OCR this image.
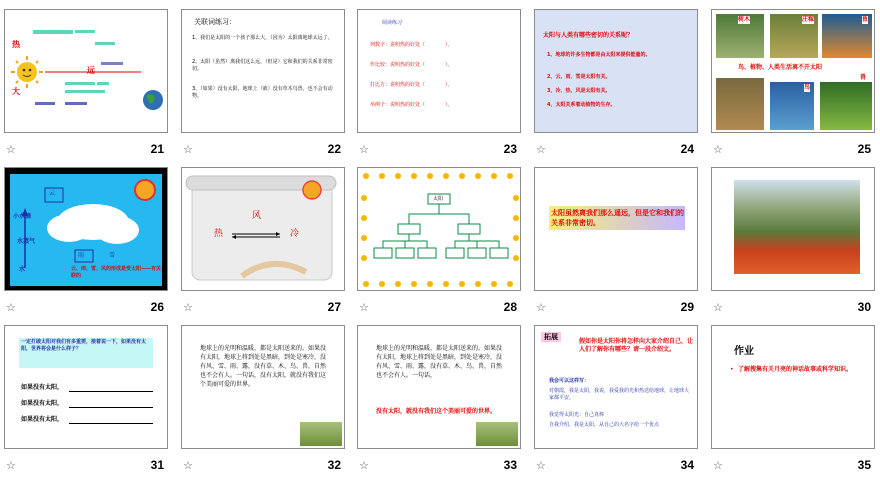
热
远
大
☆	21
关联词练习：
1、我们是太阳的一个孩子那么大，（因为）太阳离地球太远了。
2、太阳（虽然）离我们这么远，（但是）它和我们的关系非常密切。
3、（如果）没有太阳，地球上（就）没有草木鸟兽，也不会有动物。
☆	22
阅读练习
列数字：说明热的好处（　　　　）。
作比较：说明热的好处（　　　　）。
打比方：说明热的好处（　　　　）。
举例子：说明热的好处（　　　　）。
☆	23
太阳与人类有哪些密切的关系呢？
1、地球的许多生物都是由太阳来提供能量的。
2、云、雨、雪是太阳有关。
3、冷、热、风是太阳有关。
4、太阳关系着动植物的生存。
☆	24
树木	庄稼	鱼
鸟
兽
鸟、植物、人类生活离不开太阳
☆	25
云
小水滴
水蒸气
雨	雪
水	云、雨、雪、风的形成是受太阳——有关联的
☆	26
风
热	冷
☆	27
太阳
☆	28
太阳虽然离我们那么遥远，但是它和我们的关系非常密切。
☆	29 ☆	30
一定打破太阳对我们有多重要，接着说一下，如果没有太阳，世界将会是什么样子？
如果没有太阳，
如果没有太阳，
如果没有太阳，
☆	31
地球上的光明和温暖，都是太阳送来的。如果没有太阳，地球上将到处是黑暗，到处是寒冷，没有风、雪、雨、露，没有草、木、鸟、兽，自然也不会有人。一句话，没有太阳，就没有我们这个美丽可爱的世界。
☆	32
地球上的光明和温暖，都是太阳送来的。如果没有太阳，地球上将到处是黑暗，到处是寒冷，没有风、雪、雨、露，没有草、木、鸟、兽，自然也不会有人。一句话，
没有太阳，就没有我们这个美丽可爱的世界。
☆	33
拓展
假如你是太阳你将怎样向大家介绍自己，让人们了解你有哪些？请一段介绍文。
我会可以这样写：
对朝霞，我是太阳，我说，我爱我的光和热送给地球，让地球大家都平安。
我觉得太阳光：自己真棒
自我介绍，我是太阳，从自己的大名字给一个优点
☆	34
作业
• 了解搜集有关月亮的神话故事或科学知识。
☆	35
